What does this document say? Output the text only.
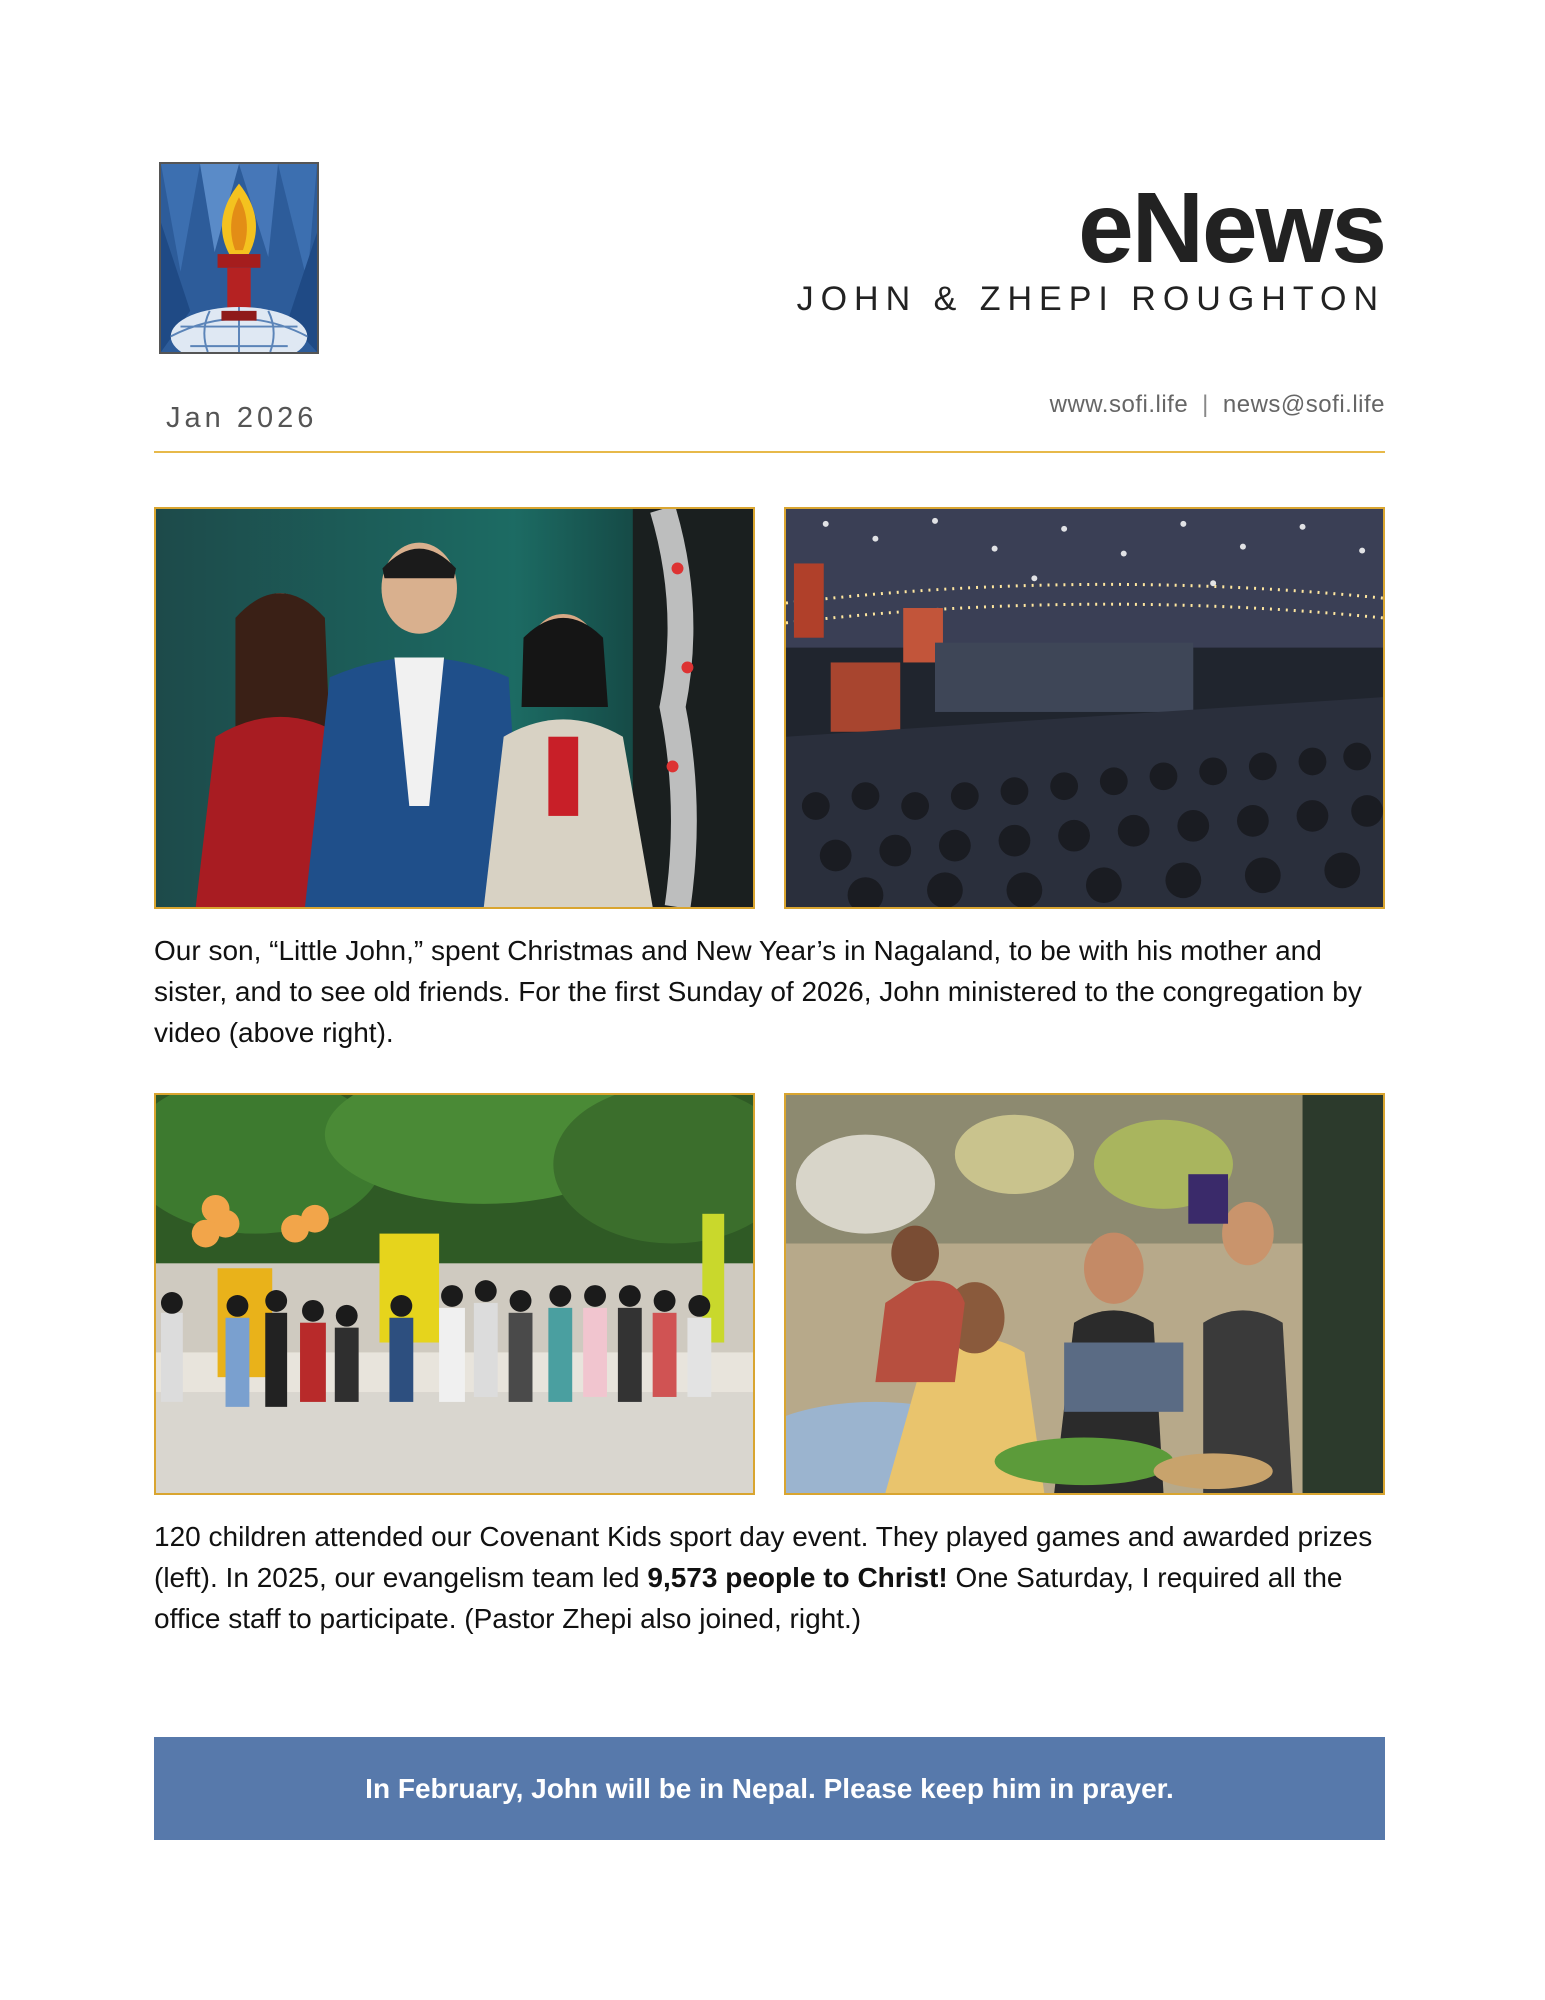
eNews
JOHN & ZHEPI ROUGHTON
Jan 2026	www.sofi.life | news@sofi.life
Our son, “Little John,” spent Christmas and New Year’s in Nagaland, to be with his mother and sister, and to see old friends. For the first Sunday of 2026, John ministered to the congregation by video (above right).
120 children attended our Covenant Kids sport day event. They played games and awarded prizes (left). In 2025, our evangelism team led 9,573 people to Christ! One Saturday, I required all the office staff to participate. (Pastor Zhepi also joined, right.)
In February, John will be in Nepal. Please keep him in prayer.
